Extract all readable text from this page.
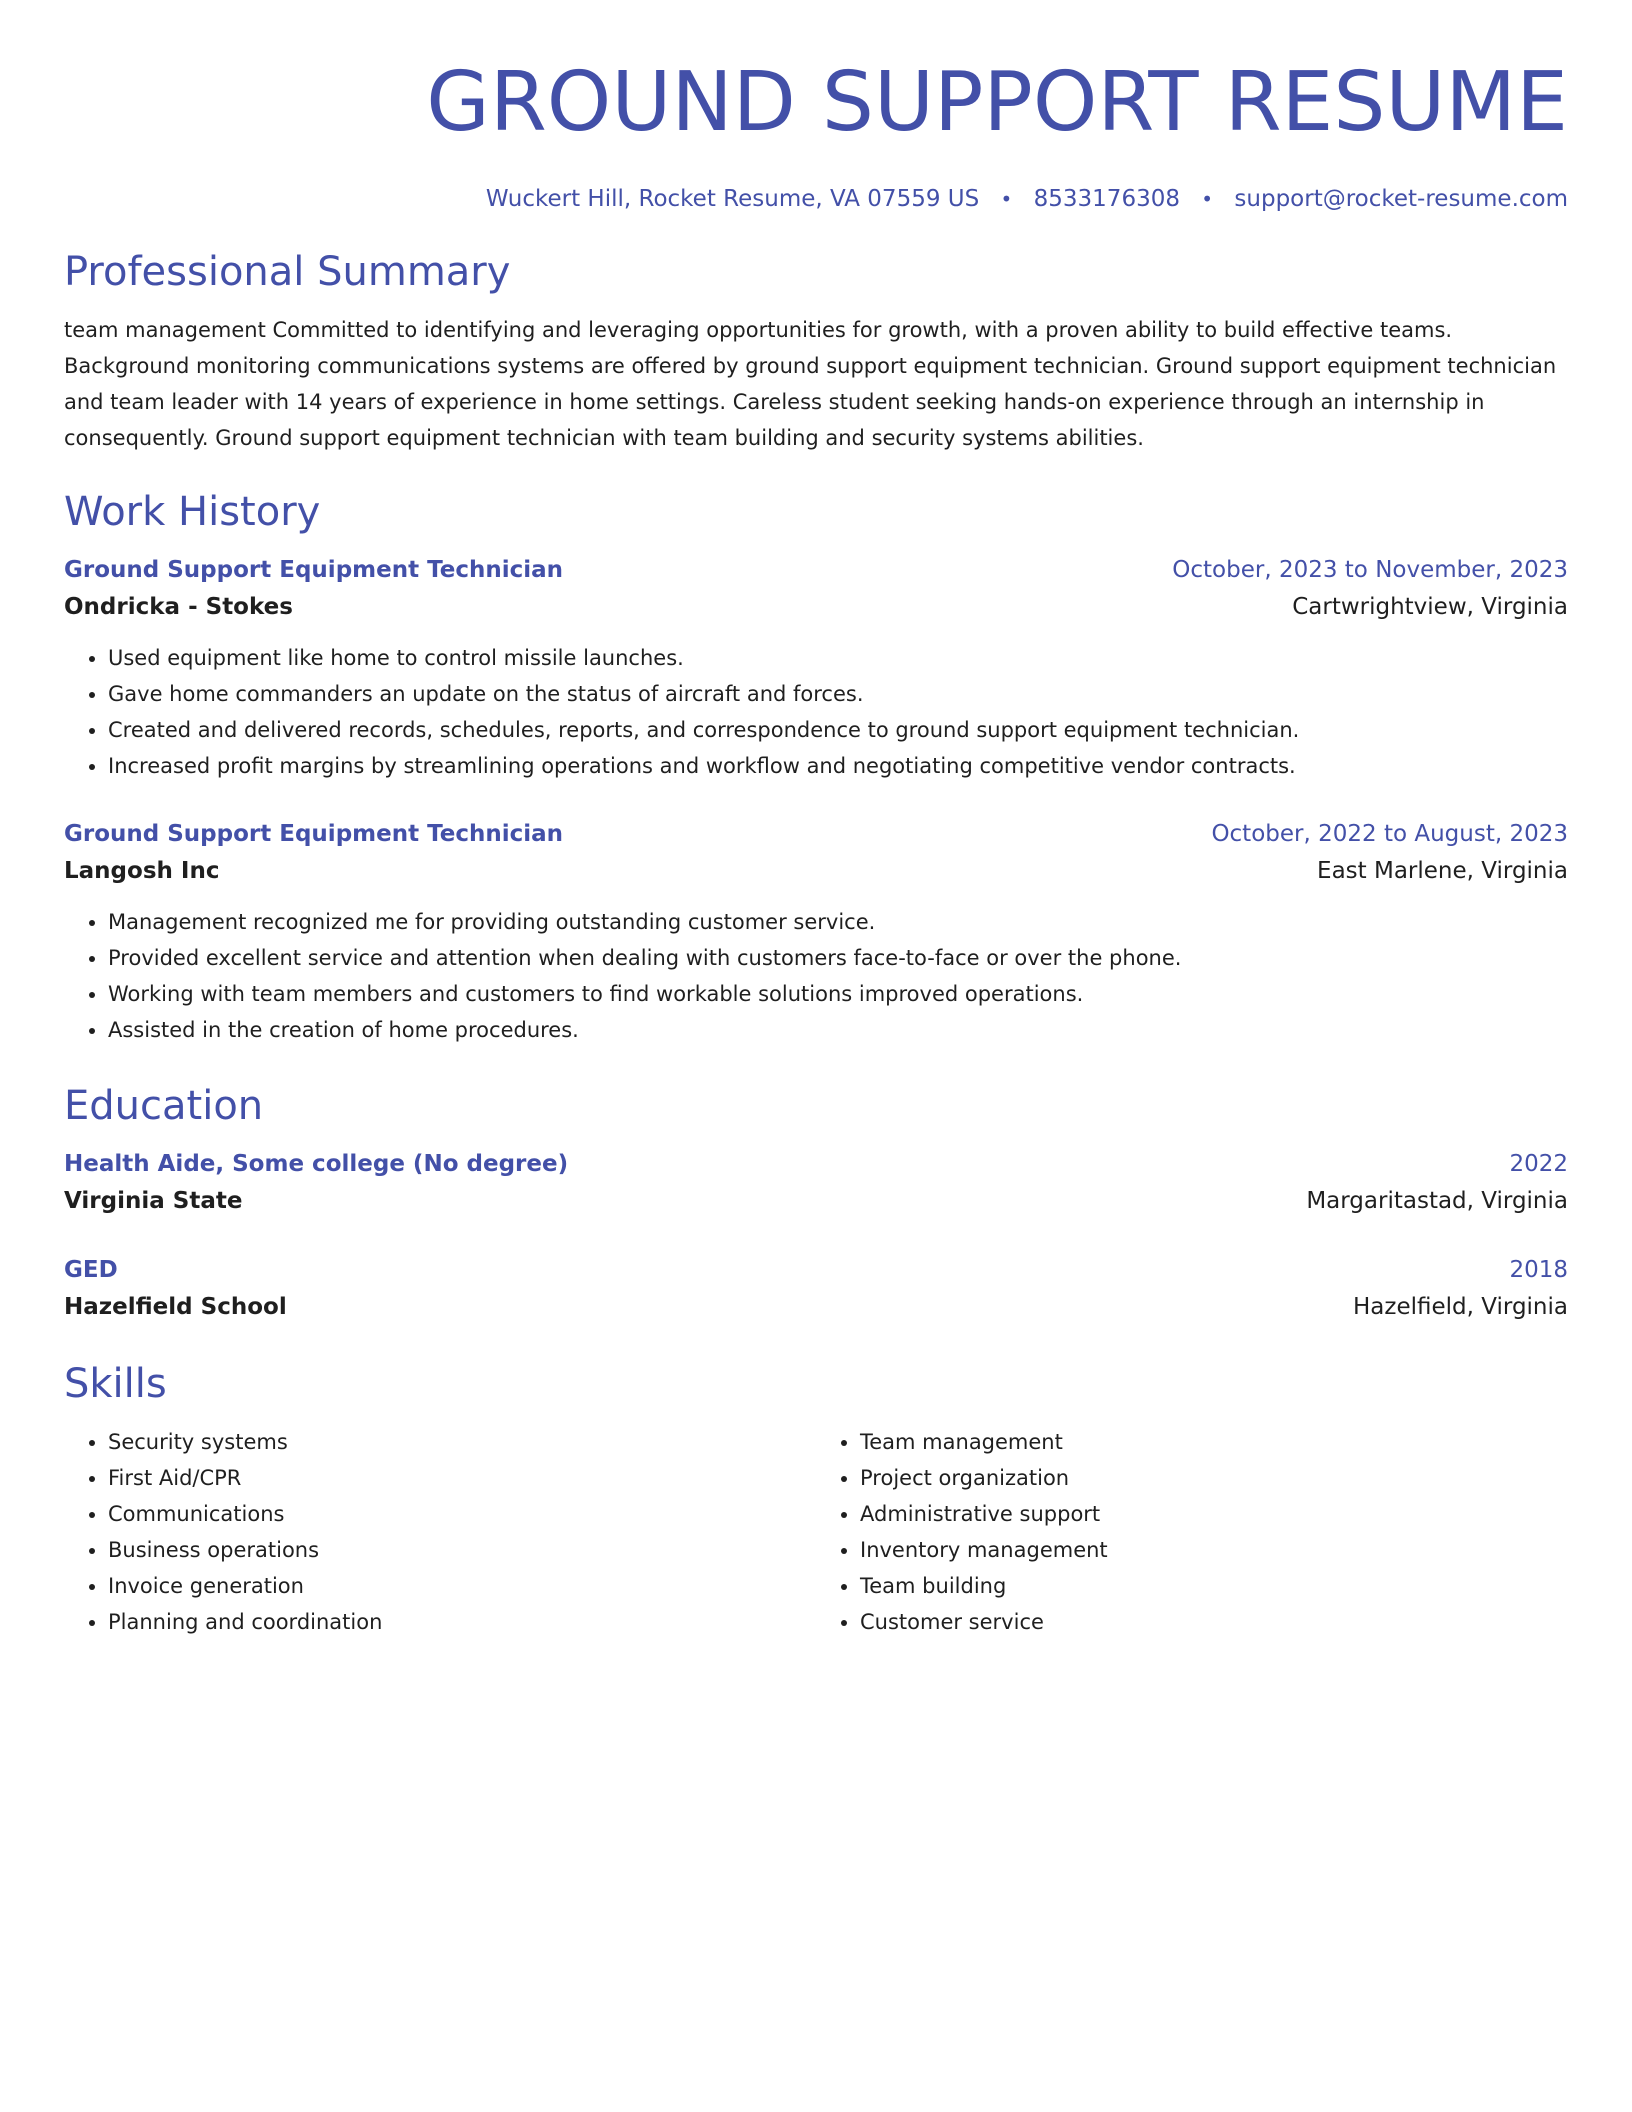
GROUND SUPPORT RESUME
Wuckert Hill, Rocket Resume, VA 07559 US • 8533176308 • support@rocket-resume.com
Professional Summary

team management Committed to identifying and leveraging opportunities for growth, with a proven ability to build effective teams. Background monitoring communications systems are offered by ground support equipment technician. Ground support equipment technician and team leader with 14 years of experience in home settings. Careless student seeking hands-on experience through an internship in consequently. Ground support equipment technician with team building and security systems abilities.

Work History
Ground Support Equipment Technician	October, 2023 to November, 2023
Ondricka - Stokes	Cartwrightview, Virginia
• Used equipment like home to control missile launches.
• Gave home commanders an update on the status of aircraft and forces.
• Created and delivered records, schedules, reports, and correspondence to ground support equipment technician.
• Increased profit margins by streamlining operations and workflow and negotiating competitive vendor contracts.
Ground Support Equipment Technician	October, 2022 to August, 2023
Langosh Inc	East Marlene, Virginia
• Management recognized me for providing outstanding customer service.
• Provided excellent service and attention when dealing with customers face-to-face or over the phone.
• Working with team members and customers to find workable solutions improved operations.
• Assisted in the creation of home procedures.
Education
Health Aide, Some college (No degree)	2022
Virginia State	Margaritastad, Virginia
GED	2018
Hazelfield School	Hazelfield, Virginia
Skills
• Security systems
• First Aid/CPR
• Communications
• Business operations
• Invoice generation
• Planning and coordination
• Team management
• Project organization
• Administrative support
• Inventory management
• Team building
• Customer service
